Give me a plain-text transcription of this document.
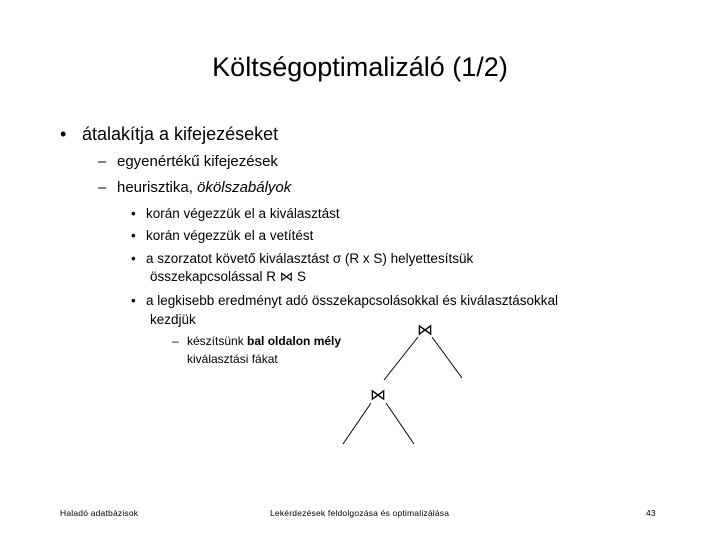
Költségoptimalizáló (1/2)
• átalakítja a kifejezéseket
– egyenértékű kifejezések
– heurisztika, ökölszabályok
• korán végezzük el a kiválasztást
• korán végezzük el a vetítést
• a szorzatot követő kiválasztást σ (R x S) helyettesítsük
összekapcsolással R ⋈ S
• a legkisebb eredményt adó összekapcsolásokkal és kiválasztásokkal
kezdjük
– készítsünk bal oldalon mély
kiválasztási fákat
⋈
⋈
Haladó adatbázisok	Lekérdezések feldolgozása és optimalizálása	43
